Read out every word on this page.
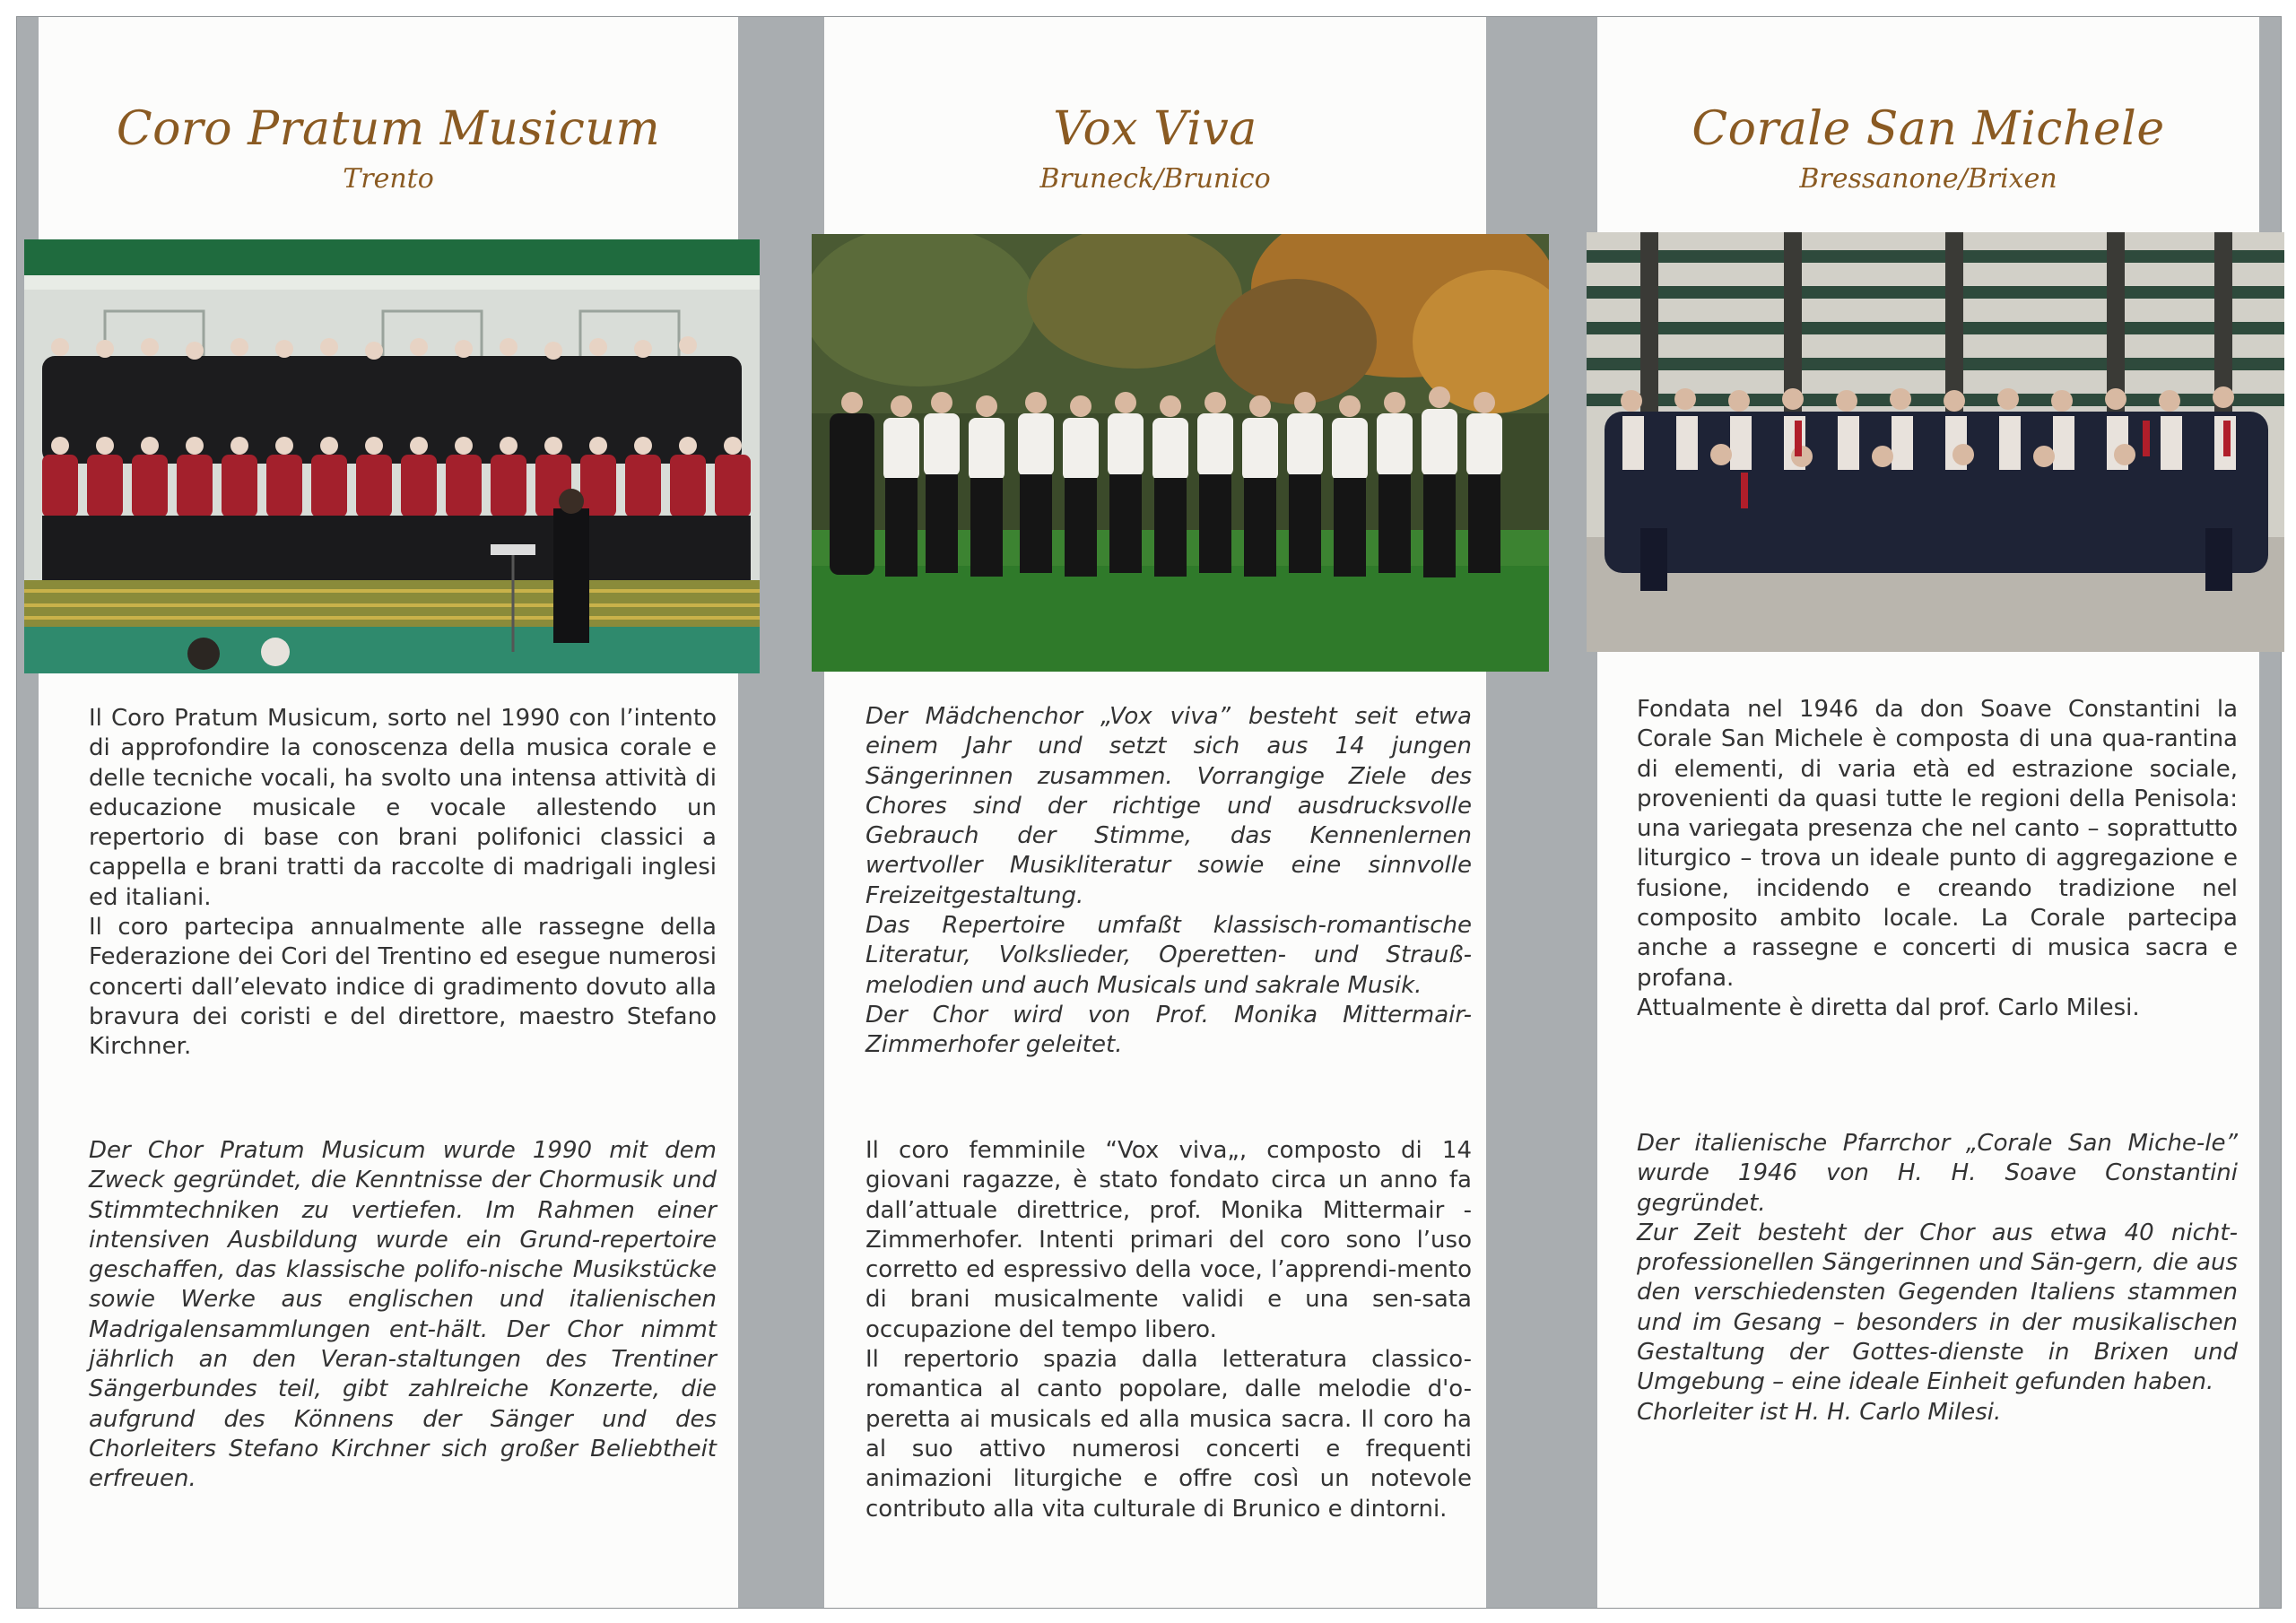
Coro Pratum Musicum
Trento

Il Coro Pratum Musicum, sorto nel 1990 con l’intento di approfondire la conoscenza della musica corale e delle tecniche vocali, ha svolto una intensa attività di educazione musicale e vocale allestendo un repertorio di base con brani polifonici classici a cappella e brani tratti da raccolte di madrigali inglesi ed italiani.

Il coro partecipa annualmente alle rassegne della Federazione dei Cori del Trentino ed esegue numerosi concerti dall’elevato indice di gradimento dovuto alla bravura dei coristi e del direttore, maestro Stefano Kirchner.

Der Chor Pratum Musicum wurde 1990 mit dem Zweck gegründet, die Kenntnisse der Chormusik und Stimmtechniken zu vertiefen. Im Rahmen einer intensiven Ausbildung wurde ein Grund-repertoire geschaffen, das klassische polifo-nische Musikstücke sowie Werke aus englischen und italienischen Madrigalensammlungen ent-hält. Der Chor nimmt jährlich an den Veran-staltungen des Trentiner Sängerbundes teil, gibt zahlreiche Konzerte, die aufgrund des Könnens der Sänger und des Chorleiters Stefano Kirchner sich großer Beliebtheit erfreuen.

Vox Viva
Bruneck/Brunico

Der Mädchenchor „Vox viva” besteht seit etwa einem Jahr und setzt sich aus 14 jungen Sängerinnen zusammen. Vorrangige Ziele des Chores sind der richtige und ausdrucksvolle Gebrauch der Stimme, das Kennenlernen wertvoller Musikliteratur sowie eine sinnvolle Freizeitgestaltung.

Das Repertoire umfaßt klassisch-romantische Literatur, Volkslieder, Operetten- und Strauß-melodien und auch Musicals und sakrale Musik.

Der Chor wird von Prof. Monika Mittermair-Zimmerhofer geleitet.

Il coro femminile “Vox viva„, composto di 14 giovani ragazze, è stato fondato circa un anno fa dall’attuale direttrice, prof. Monika Mittermair - Zimmerhofer. Intenti primari del coro sono l’uso corretto ed espressivo della voce, l’apprendi-mento di brani musicalmente validi e una sen-sata occupazione del tempo libero.

Il repertorio spazia dalla letteratura classico-romantica al canto popolare, dalle melodie d'o-peretta ai musicals ed alla musica sacra. Il coro ha al suo attivo numerosi concerti e frequenti animazioni liturgiche e offre così un notevole contributo alla vita culturale di Brunico e dintorni.

Corale San Michele
Bressanone/Brixen

Fondata nel 1946 da don Soave Constantini la Corale San Michele è composta di una qua-rantina di elementi, di varia età ed estrazione sociale, provenienti da quasi tutte le regioni della Penisola: una variegata presenza che nel canto – soprattutto liturgico – trova un ideale punto di aggregazione e fusione, incidendo e creando tradizione nel composito ambito locale. La Corale partecipa anche a rassegne e concerti di musica sacra e profana.

Attualmente è diretta dal prof. Carlo Milesi.

Der italienische Pfarrchor „Corale San Miche-le” wurde 1946 von H. H. Soave Constantini gegründet.

Zur Zeit besteht der Chor aus etwa 40 nicht-professionellen Sängerinnen und Sän-gern, die aus den verschiedensten Gegenden Italiens stammen und im Gesang – besonders in der musikalischen Gestaltung der Gottes-dienste in Brixen und Umgebung – eine ideale Einheit gefunden haben.

Chorleiter ist H. H. Carlo Milesi.
